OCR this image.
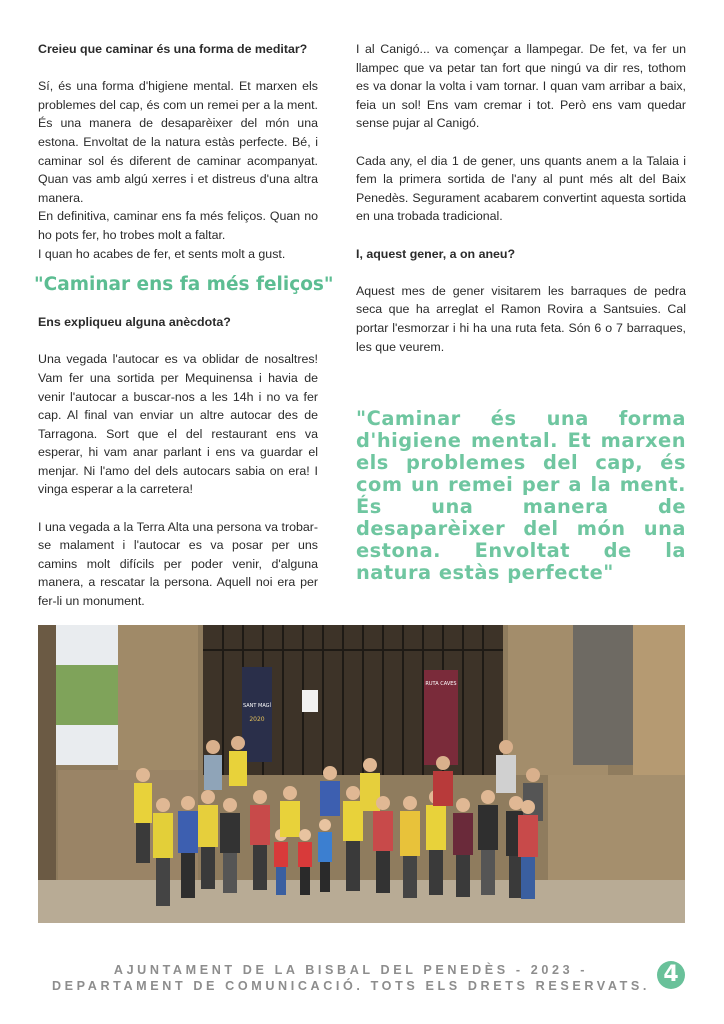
Creieu que caminar és una forma de meditar?

Sí, és una forma d'higiene mental. Et marxen els problemes del cap, és com un remei per a la ment. És una manera de desaparèixer del món una estona. Envoltat de la natura estàs perfecte. Bé, i caminar sol és diferent de caminar acompanyat. Quan vas amb algú xerres i et distreus d'una altra manera.

En definitiva, caminar ens fa més feliços. Quan no ho pots fer, ho trobes molt a faltar.

I quan ho acabes de fer, et sents molt a gust.

"Caminar ens fa més feliços"

Ens expliqueu alguna anècdota?

Una vegada l'autocar es va oblidar de nosaltres! Vam fer una sortida per Mequinensa i havia de venir l'autocar a buscar-nos a les 14h i no va fer cap. Al final van enviar un altre autocar des de Tarragona. Sort que el del restaurant ens va esperar, hi vam anar parlant i ens va guardar el menjar. Ni l'amo del dels autocars sabia on era! I vinga esperar a la carretera!

I una vegada a la Terra Alta una persona va trobar-se malament i l'autocar es va posar per uns camins molt difícils per poder venir, d'alguna manera, a rescatar la persona. Aquell noi era per fer-li un monument.

I al Canigó... va començar a llampegar. De fet, va fer un llampec que va petar tan fort que ningú va dir res, tothom es va donar la volta i vam tornar. I quan vam arribar a baix, feia un sol! Ens vam cremar i tot. Però ens vam quedar sense pujar al Canigó.

Cada any, el dia 1 de gener, uns quants anem a la Talaia i fem la primera sortida de l'any al punt més alt del Baix Penedès. Segurament acabarem convertint aquesta sortida en una trobada tradicional.

I, aquest gener, a on aneu?

Aquest mes de gener visitarem les barraques de pedra seca que ha arreglat el Ramon Rovira a Santsuies. Cal portar l'esmorzar i hi ha una ruta feta. Són 6 o 7 barraques, les que veurem.

"Caminar és una forma d'higiene mental. Et marxen els problemes del cap, és com un remei per a la ment. És una manera de desaparèixer del món una estona. Envoltat de la natura estàs perfecte"

SANT MAGÍ
2020
RUTA CAVES
AJUNTAMENT DE LA BISBAL DEL PENEDÈS - 2023 -
DEPARTAMENT DE COMUNICACIÓ. TOTS ELS DRETS RESERVATS. 4
